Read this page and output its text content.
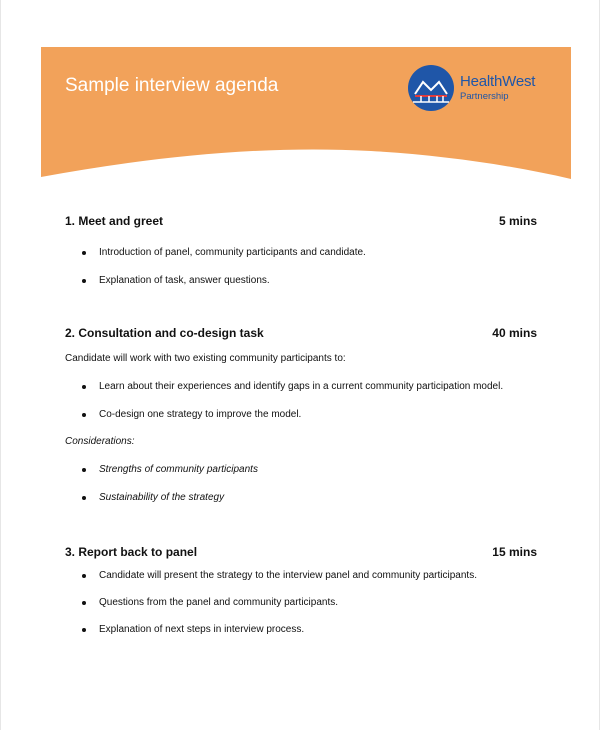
Sample interview agenda	HealthWest
Partnership
1. Meet and greet	5 mins
Introduction of panel, community participants and candidate.
Explanation of task, answer questions.
2. Consultation and co-design task	40 mins
Candidate will work with two existing community participants to:
Learn about their experiences and identify gaps in a current community participation model.
Co-design one strategy to improve the model.
Considerations:
Strengths of community participants
Sustainability of the strategy
3. Report back to panel	15 mins
Candidate will present the strategy to the interview panel and community participants.
Questions from the panel and community participants.
Explanation of next steps in interview process.
